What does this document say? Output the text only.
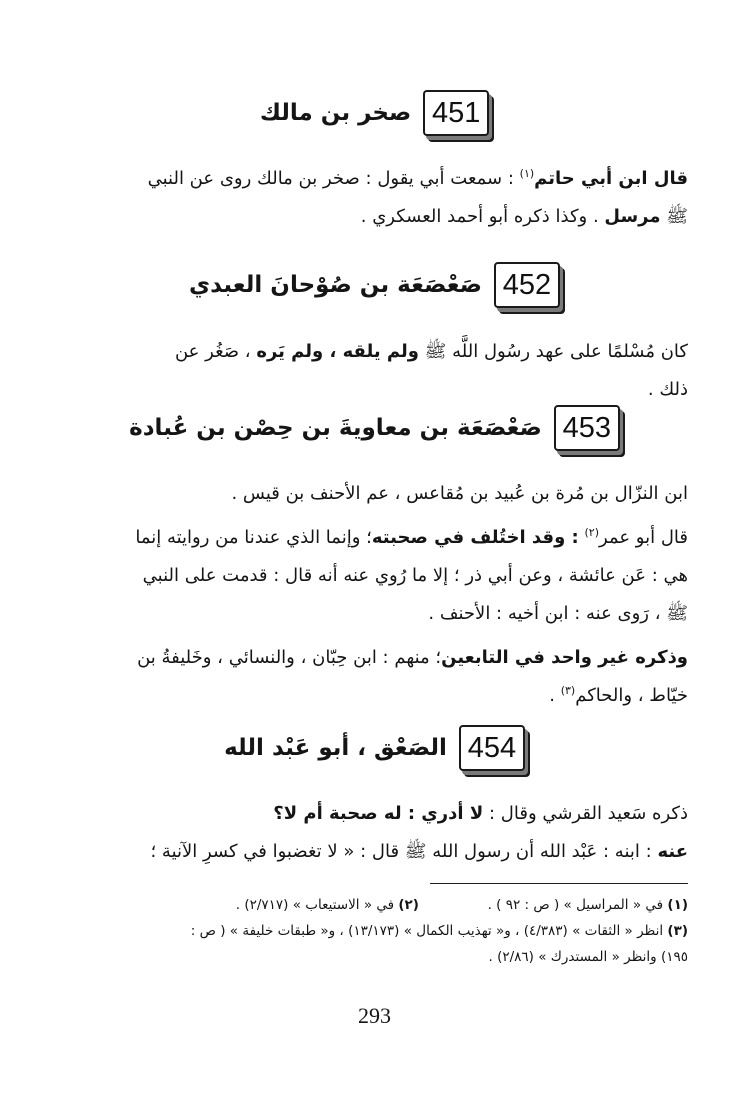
451
صخر بن مالك
قال ابن أبي حاتم$^{(١)}$ : سمعت أبي يقول : صخر بن مالك روى عن النبي
ﷺ مرسل . وكذا ذكره أبو أحمد العسكري .
452
صَعْصَعَة بن صُوْحانَ العبدي
كان مُسْلمًا على عهد رسُول اللَّه ﷺ ولم يلقه ، ولم يَره ، صَغُر عن
ذلك .
453
صَعْصَعَة بن معاويةَ بن حِصْن بن عُبادة
ابن النزّال بن مُرة بن عُبيد بن مُقاعس ، عم الأحنف بن قيس .
قال أبو عمر$^{(٢)}$ : وقد اختُلف في صحبته؛ وإنما الذي عندنا من روايته إنما
هي : عَن عائشة ، وعن أبي ذر ؛ إلا ما رُوي عنه أنه قال : قدمت على النبي
ﷺ ، رَوى عنه : ابن أخيه : الأحنف .
وذكره غير واحد في التابعين؛ منهم : ابن حِبّان ، والنسائي ، وخَليفةُ بن
خيّاط ، والحاكم$^{(٣)}$ .
454
الصَعْق ، أبو عَبْد الله
ذكره سَعيد القرشي وقال : لا أدري : له صحبة أم لا؟
عنه : ابنه : عَبْد الله أن رسول الله ﷺ قال : « لا تغضبوا في كسرِ الآنية ؛
(١) في « المراسيل » ( ص : ٩٢ ) .  (٢) في « الاستيعاب » (٢/٧١٧) .
(٣) انظر « الثقات » (٤/٣٨٣) ، و« تهذيب الكمال » (١٣/١٧٣) ، و« طبقات خليفة » ( ص :
١٩٥) وانظر « المستدرك » (٢/٨٦) .
293
